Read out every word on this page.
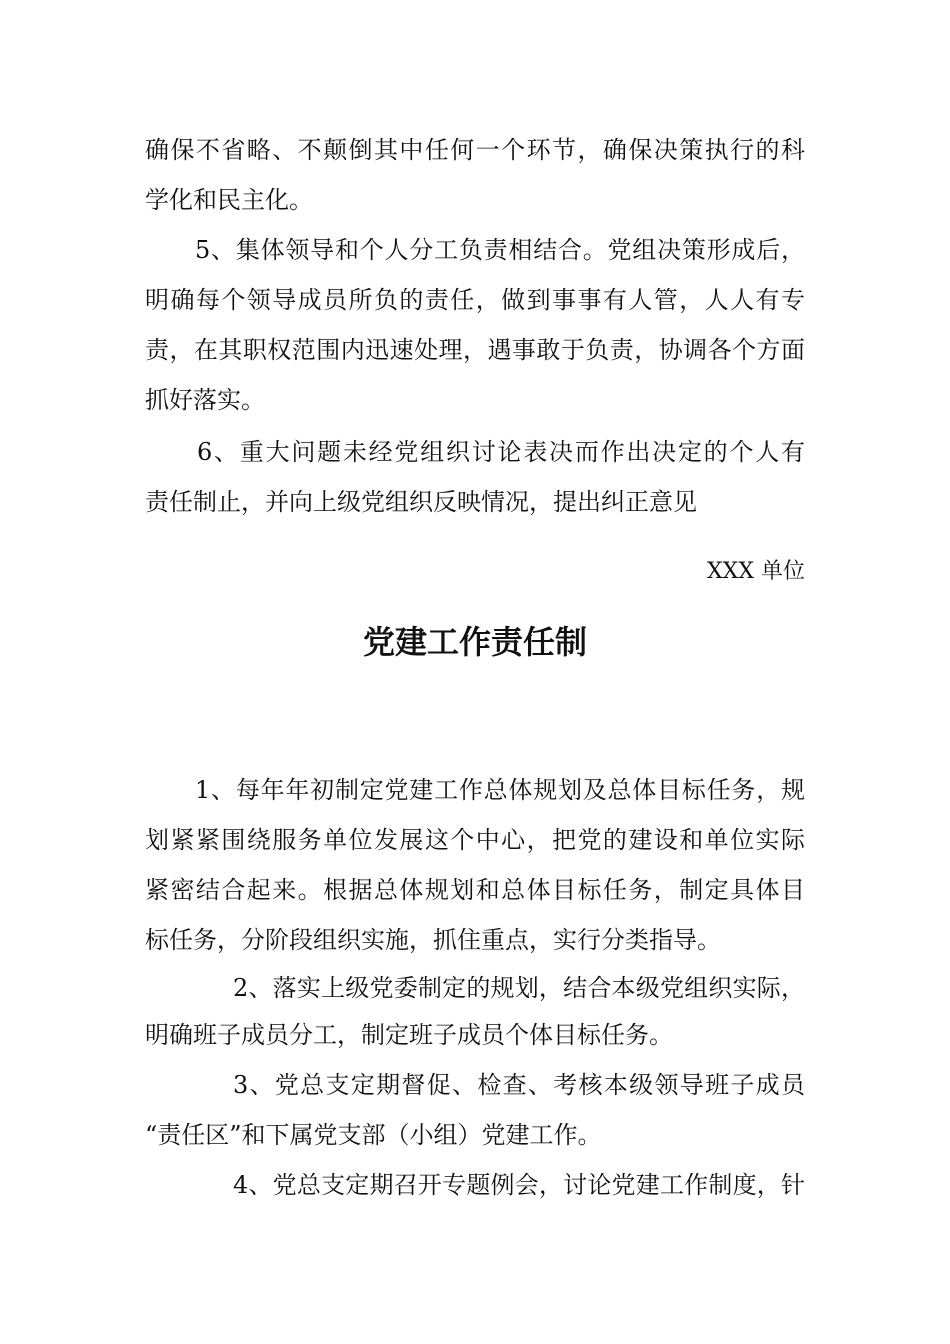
确保不省略、不颠倒其中任何一个环节，确保决策执行的科
学化和民主化。
5、集体领导和个人分工负责相结合。党组决策形成后，
明确每个领导成员所负的责任，做到事事有人管，人人有专
责，在其职权范围内迅速处理，遇事敢于负责，协调各个方面
抓好落实。
6、重大问题未经党组织讨论表决而作出决定的个人有
责任制止，并向上级党组织反映情况，提出纠正意见
XXX 单位
党建工作责任制
1、每年年初制定党建工作总体规划及总体目标任务，规
划紧紧围绕服务单位发展这个中心，把党的建设和单位实际
紧密结合起来。根据总体规划和总体目标任务，制定具体目
标任务，分阶段组织实施，抓住重点，实行分类指导。
2、落实上级党委制定的规划，结合本级党组织实际，
明确班子成员分工，制定班子成员个体目标任务。
3、党总支定期督促、检查、考核本级领导班子成员
“责任区”和下属党支部（小组）党建工作。
4、党总支定期召开专题例会，讨论党建工作制度，针
